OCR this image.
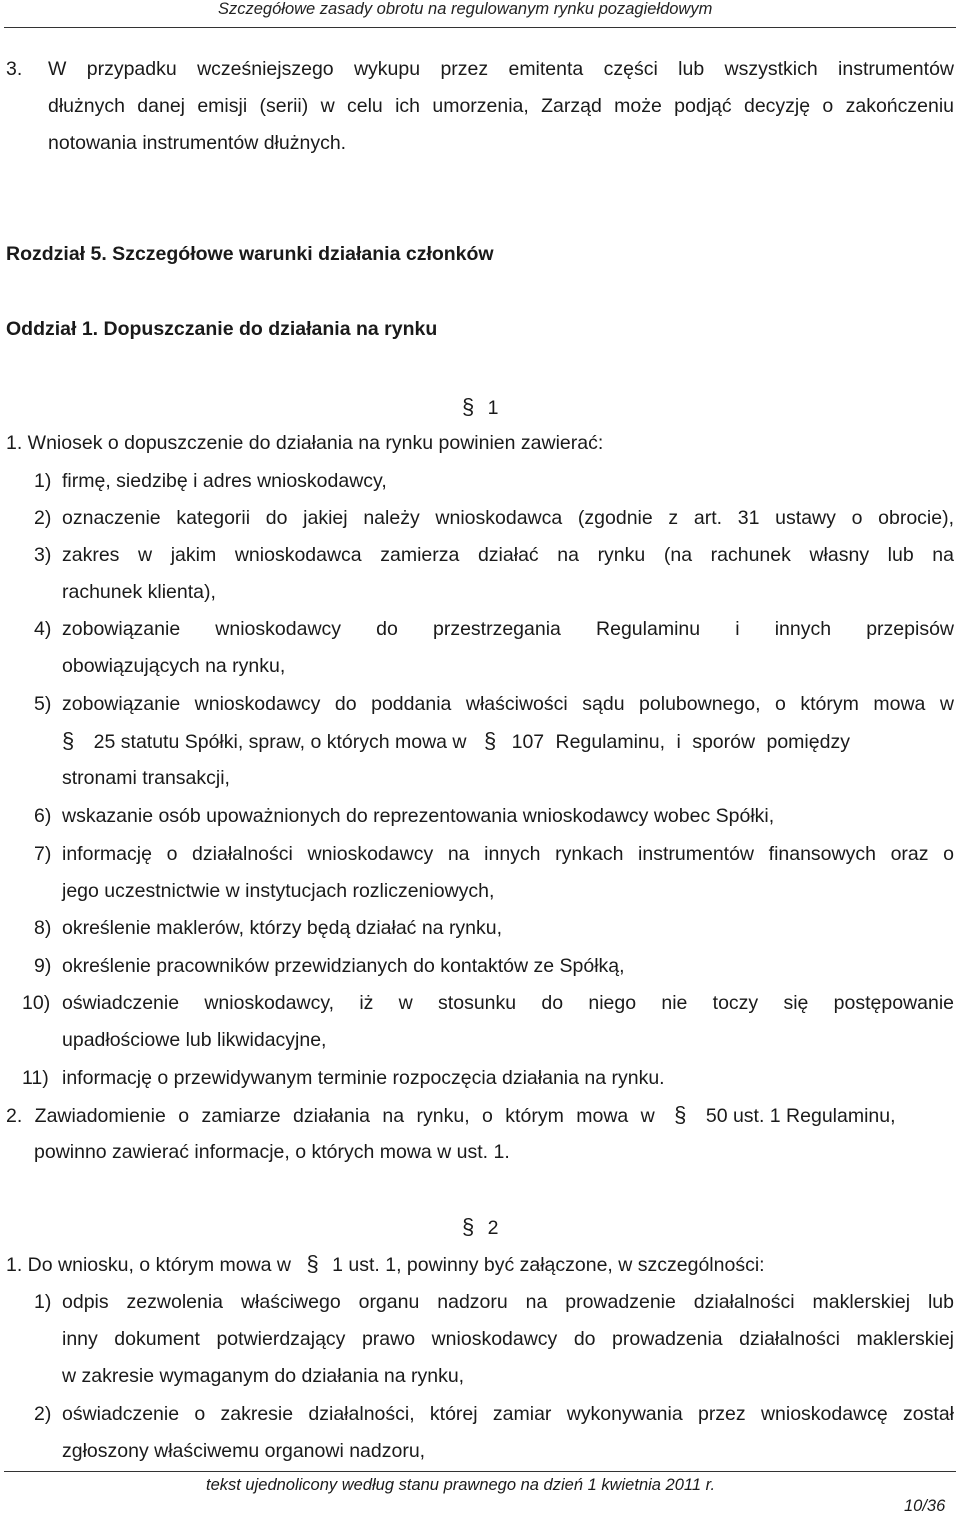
Szczegółowe zasady obrotu na regulowanym rynku pozagiełdowym
3. W przypadku wcześniejszego wykupu przez emitenta części lub wszystkich instrumentów
dłużnych danej emisji (serii) w celu ich umorzenia, Zarząd może podjąć decyzję o zakończeniu
notowania instrumentów dłużnych.
Rozdział 5. Szczegółowe warunki działania członków
Oddział 1. Dopuszczanie do działania na rynku
§ 1
1. Wniosek o dopuszczenie do działania na rynku powinien zawierać:
1) firmę, siedzibę i adres wnioskodawcy,
2) oznaczenie kategorii do jakiej należy wnioskodawca (zgodnie z art. 31 ustawy o obrocie),
3) zakres w jakim wnioskodawca zamierza działać na rynku (na rachunek własny lub na
rachunek klienta),
4) zobowiązanie wnioskodawcy do przestrzegania Regulaminu i innych przepisów
obowiązujących na rynku,
5) zobowiązanie wnioskodawcy do poddania właściwości sądu polubownego, o którym mowa w
§ 25 statutu Spółki, spraw, o których mowa w § 107 Regulaminu, i sporów pomiędzy
stronami transakcji,
6) wskazanie osób upoważnionych do reprezentowania wnioskodawcy wobec Spółki,
7) informację o działalności wnioskodawcy na innych rynkach instrumentów finansowych oraz o
jego uczestnictwie w instytucjach rozliczeniowych,
8) określenie maklerów, którzy będą działać na rynku,
9) określenie pracowników przewidzianych do kontaktów ze Spółką,
10) oświadczenie wnioskodawcy, iż w stosunku do niego nie toczy się postępowanie
upadłościowe lub likwidacyjne,
11) informację o przewidywanym terminie rozpoczęcia działania na rynku.
2. Zawiadomienie o zamiarze działania na rynku, o którym mowa w § 50 ust. 1 Regulaminu,
powinno zawierać informacje, o których mowa w ust. 1.
§ 2
1. Do wniosku, o którym mowa w § 1 ust. 1, powinny być załączone, w szczególności:
1) odpis zezwolenia właściwego organu nadzoru na prowadzenie działalności maklerskiej lub
inny dokument potwierdzający prawo wnioskodawcy do prowadzenia działalności maklerskiej
w zakresie wymaganym do działania na rynku,
2) oświadczenie o zakresie działalności, której zamiar wykonywania przez wnioskodawcę został
zgłoszony właściwemu organowi nadzoru,
tekst ujednolicony według stanu prawnego na dzień 1 kwietnia 2011 r.
10/36
